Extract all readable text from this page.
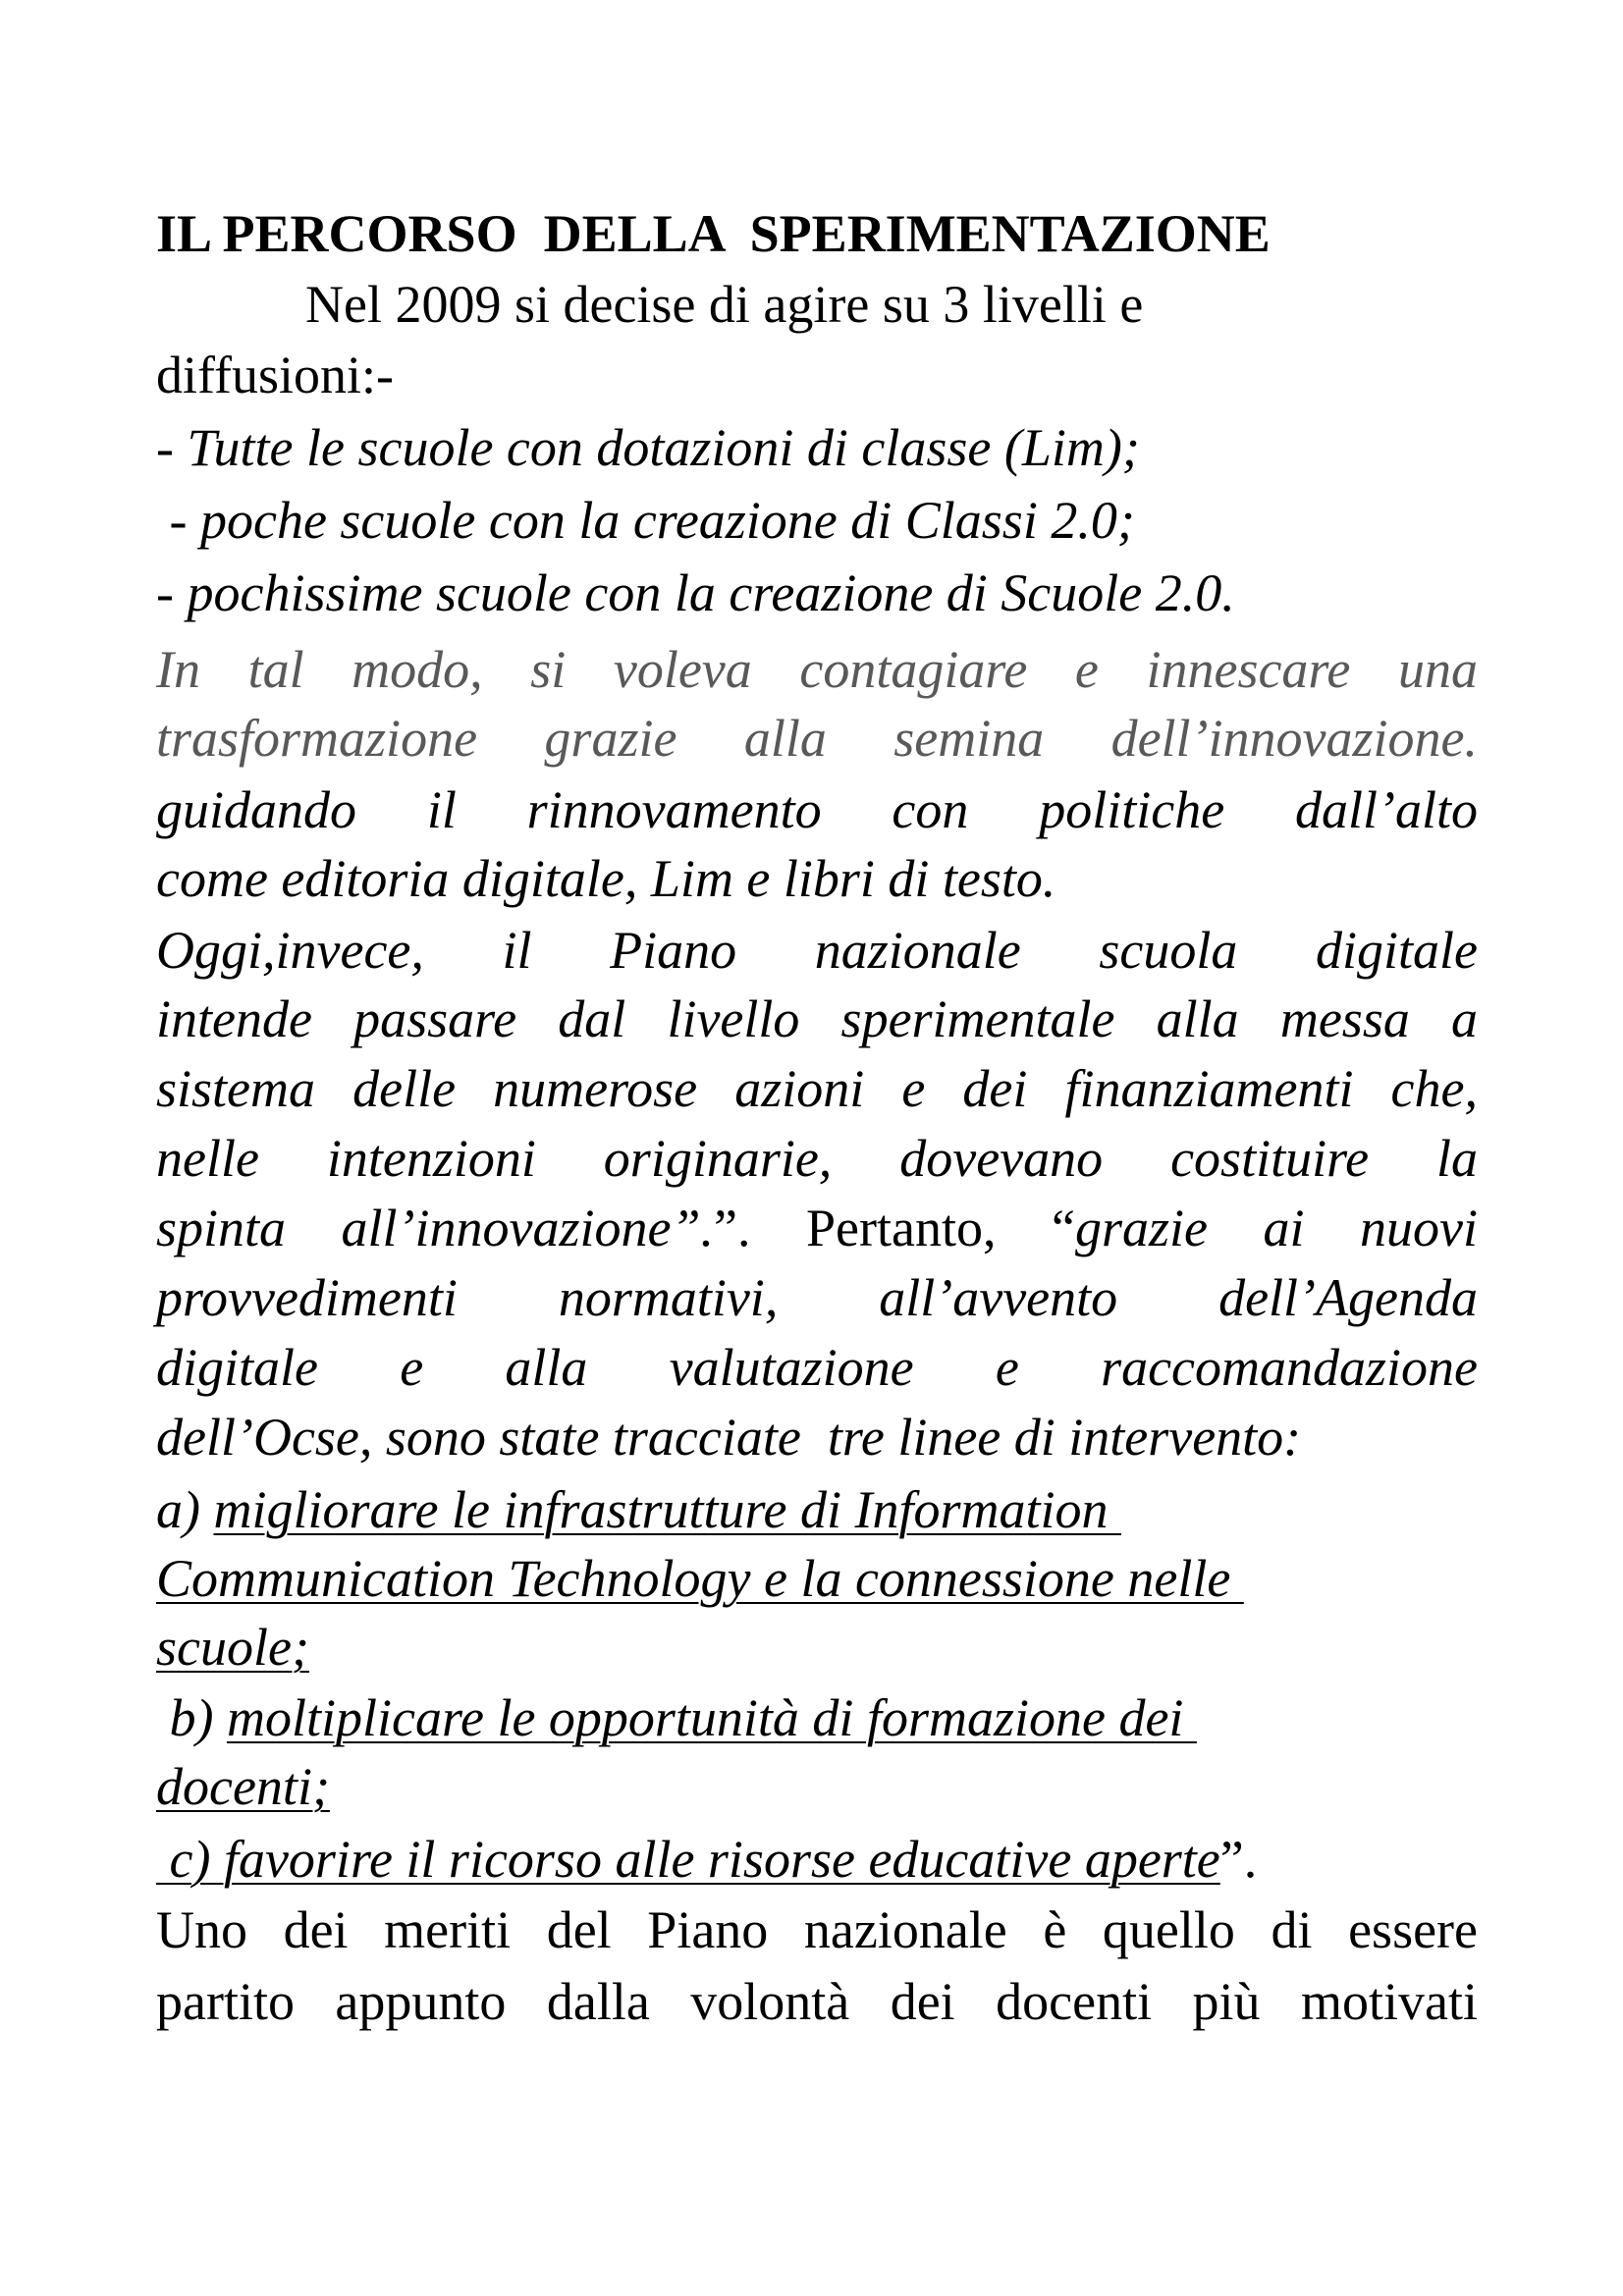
IL PERCORSO  DELLA  SPERIMENTAZIONE

Nel 2009 si decise di agire su 3 livelli e

diffusioni:-

- Tutte le scuole con dotazioni di classe (Lim);

- poche scuole con la creazione di Classi 2.0;

- pochissime scuole con la creazione di Scuole 2.0.

In tal modo, si voleva contagiare e innescare una

trasformazione grazie alla semina dell’innovazione.

guidando il rinnovamento con politiche dall’alto

come editoria digitale, Lim e libri di testo.

Oggi,invece, il Piano nazionale scuola digitale

intende passare dal livello sperimentale alla messa a

sistema delle numerose azioni e dei finanziamenti che,

nelle intenzioni originarie, dovevano costituire la

spinta all’innovazione”.”. Pertanto, “grazie ai nuovi

provvedimenti normativi, all’avvento dell’Agenda

digitale e alla valutazione e raccomandazione

dell’Ocse, sono state tracciate  tre linee di intervento:

a) migliorare le infrastrutture di Information

Communication Technology e la connessione nelle

scuole;

b) moltiplicare le opportunità di formazione dei

docenti;

c) favorire il ricorso alle risorse educative aperte”.

Uno dei meriti del Piano nazionale è quello di essere

partito appunto dalla volontà dei docenti più motivati
